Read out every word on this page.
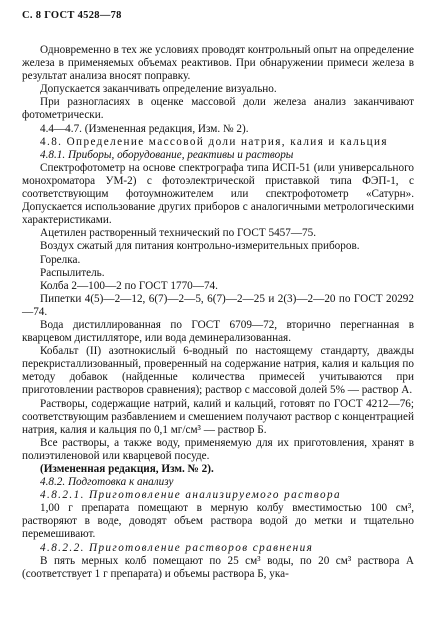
С. 8 ГОСТ 4528—78

Одновременно в тех же условиях проводят контрольный опыт на определение железа в применяемых объемах реактивов. При обнаружении примеси железа в результат анализа вносят поправку.

Допускается заканчивать определение визуально.

При разногласиях в оценке массовой доли железа анализ заканчивают фотометрически.

4.4—4.7. (Измененная редакция, Изм. № 2).

4.8. Определение массовой доли натрия, калия и кальция

4.8.1. Приборы, оборудование, реактивы и растворы

Спектрофотометр на основе спектрографа типа ИСП-51 (или универсального монохроматора УМ-2) с фотоэлектрической приставкой типа ФЭП-1, с соответствующим фотоумножителем или спектрофотометр «Сатурн». Допускается использование других приборов с аналогичными метрологическими характеристиками.

Ацетилен растворенный технический по ГОСТ 5457—75.

Воздух сжатый для питания контрольно-измерительных приборов.

Горелка.

Распылитель.

Колба 2—100—2 по ГОСТ 1770—74.

Пипетки 4(5)—2—12, 6(7)—2—5, 6(7)—2—25 и 2(3)—2—20 по ГОСТ 20292—74.

Вода дистиллированная по ГОСТ 6709—72, вторично перегнанная в кварцевом дистилляторе, или вода деминерализованная.

Кобальт (II) азотнокислый 6-водный по настоящему стандарту, дважды перекристаллизованный, проверенный на содержание натрия, калия и кальция по методу добавок (найденные количества примесей учитываются при приготовлении растворов сравнения); раствор с массовой долей 5% — раствор А.

Растворы, содержащие натрий, калий и кальций, готовят по ГОСТ 4212—76; соответствующим разбавлением и смешением получают раствор с концентрацией натрия, калия и кальция по 0,1 мг/см³ — раствор Б.

Все растворы, а также воду, применяемую для их приготовления, хранят в полиэтиленовой или кварцевой посуде.

(Измененная редакция, Изм. № 2).

4.8.2. Подготовка к анализу

4.8.2.1. Приготовление анализируемого раствора

1,00 г препарата помещают в мерную колбу вместимостью 100 см³, растворяют в воде, доводят объем раствора водой до метки и тщательно перемешивают.

4.8.2.2. Приготовление растворов сравнения

В пять мерных колб помещают по 25 см³ воды, по 20 см³ раствора А (соответствует 1 г препарата) и объемы раствора Б, ука-
